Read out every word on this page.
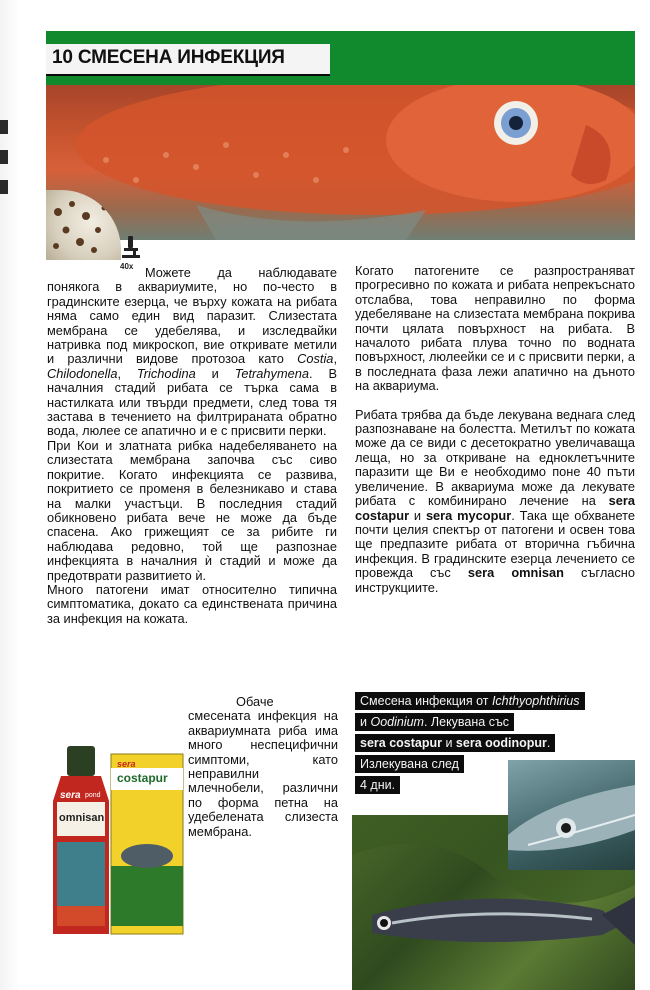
10 СМЕСЕНА ИНФЕКЦИЯ
40x Можете да наблюдавате понякога в аквариумите, но по-често в градинските езерца, че върху кожата на рибата няма само един вид паразит. Слизестата мембрана се удебелява, и изследвайки натривка под микроскоп, вие откривате метили и различни видове протозоа като Costia, Chilodonella, Trichodina и Tetrahymena. В началния стадий рибата се търка сама в настилката или твърди предмети, след това тя застава в течението на филтрираната обратно вода, люлее се апатично и е с присвити перки.

При Кои и златната рибка надебеляването на слизестата мембрана започва със сиво покритие. Когато инфекцията се развива, покритието се променя в белезникаво и става на малки участъци. В последния стадий обикновено рибата вече не може да бъде спасена. Ако грижещият се за рибите ги наблюдава редовно, той ще разпознае инфекцията в началния ѝ стадий и може да предотврати развитието ѝ.

Много патогени имат относително типична симптоматика, докато са единствената причина за инфекция на кожата.

Обаче смесената инфекция на аквариумната риба има много неспецифични симптоми, като неправилни млечнобели, различни по форма петна на удебелената слизеста мембрана.

Когато патогените се разпространяват прогресивно по кожата и рибата непрекъснато отслабва, това неправилно по форма удебеляване на слизестата мембрана покрива почти цялата повърхност на рибата. В началото рибата плува точно по водната повърхност, люлеейки се и с присвити перки, а в последната фаза лежи апатично на дъното на аквариума.

Рибата трябва да бъде лекувана веднага след разпознаване на болестта. Метилът по кожата може да се види с десетократно увеличаваща леща, но за откриване на едноклетъчните паразити ще Ви е необходимо поне 40 пъти увеличение. В аквариума може да лекувате рибата с комбинирано лечение на sera costapur и sera mycopur. Така ще обхванете почти целия спектър от патогени и освен това ще предпазите рибата от вторична гъбична инфекция. В градинските езерца лечението се провежда със sera omnisan съгласно инструкциите.

sera pond
omnisan
sera
costapur
Смесена инфекция от Ichthyophthirius
и Oodinium. Лекувана със
sera costapur и sera oodinopur.
Излекувана след
4 дни.
